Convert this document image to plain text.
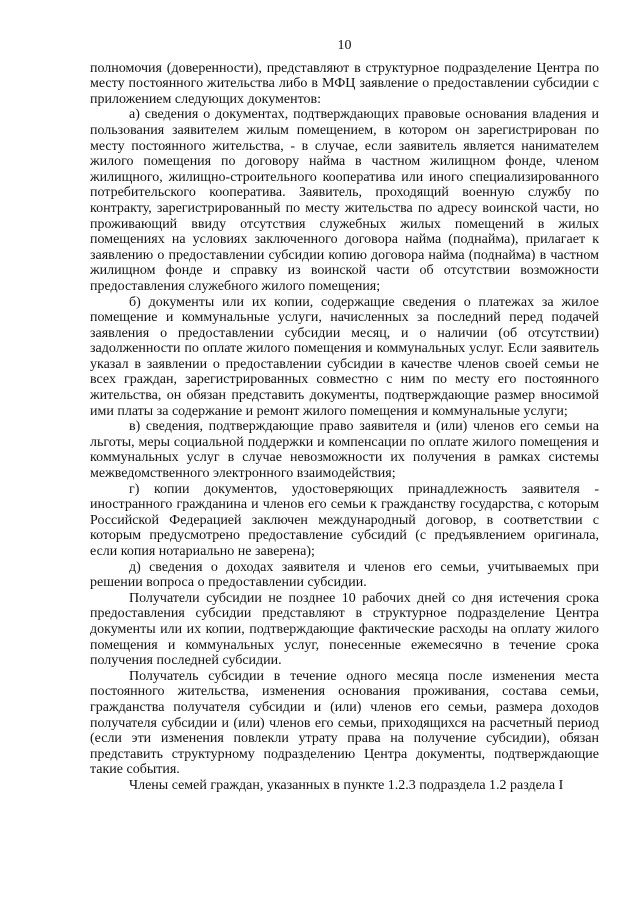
10

полномочия (доверенности), представляют в структурное подразделение Центра по месту постоянного жительства либо в МФЦ заявление о предоставлении субсидии с приложением следующих документов:

а) сведения о документах, подтверждающих правовые основания владения и пользования заявителем жилым помещением, в котором он зарегистрирован по месту постоянного жительства, - в случае, если заявитель является нанимателем жилого помещения по договору найма в частном жилищном фонде, членом жилищного, жилищно-строительного кооператива или иного специализированного потребительского кооператива. Заявитель, проходящий военную службу по контракту, зарегистрированный по месту жительства по адресу воинской части, но проживающий ввиду отсутствия служебных жилых помещений в жилых помещениях на условиях заключенного договора найма (поднайма), прилагает к заявлению о предоставлении субсидии копию договора найма (поднайма) в частном жилищном фонде и справку из воинской части об отсутствии возможности предоставления служебного жилого помещения;

б) документы или их копии, содержащие сведения о платежах за жилое помещение и коммунальные услуги, начисленных за последний перед подачей заявления о предоставлении субсидии месяц, и о наличии (об отсутствии) задолженности по оплате жилого помещения и коммунальных услуг. Если заявитель указал в заявлении о предоставлении субсидии в качестве членов своей семьи не всех граждан, зарегистрированных совместно с ним по месту его постоянного жительства, он обязан представить документы, подтверждающие размер вносимой ими платы за содержание и ремонт жилого помещения и коммунальные услуги;

в) сведения, подтверждающие право заявителя и (или) членов его семьи на льготы, меры социальной поддержки и компенсации по оплате жилого помещения и коммунальных услуг в случае невозможности их получения в рамках системы межведомственного электронного взаимодействия;

г) копии документов, удостоверяющих принадлежность заявителя - иностранного гражданина и членов его семьи к гражданству государства, с которым Российской Федерацией заключен международный договор, в соответствии с которым предусмотрено предоставление субсидий (с предъявлением оригинала, если копия нотариально не заверена);

д) сведения о доходах заявителя и членов его семьи, учитываемых при решении вопроса о предоставлении субсидии.

Получатели субсидии не позднее 10 рабочих дней со дня истечения срока предоставления субсидии представляют в структурное подразделение Центра документы или их копии, подтверждающие фактические расходы на оплату жилого помещения и коммунальных услуг, понесенные ежемесячно в течение срока получения последней субсидии.

Получатель субсидии в течение одного месяца после изменения места постоянного жительства, изменения основания проживания, состава семьи, гражданства получателя субсидии и (или) членов его семьи, размера доходов получателя субсидии и (или) членов его семьи, приходящихся на расчетный период (если эти изменения повлекли утрату права на получение субсидии), обязан представить структурному подразделению Центра документы, подтверждающие такие события.

Члены семей граждан, указанных в пункте 1.2.3 подраздела 1.2 раздела I
